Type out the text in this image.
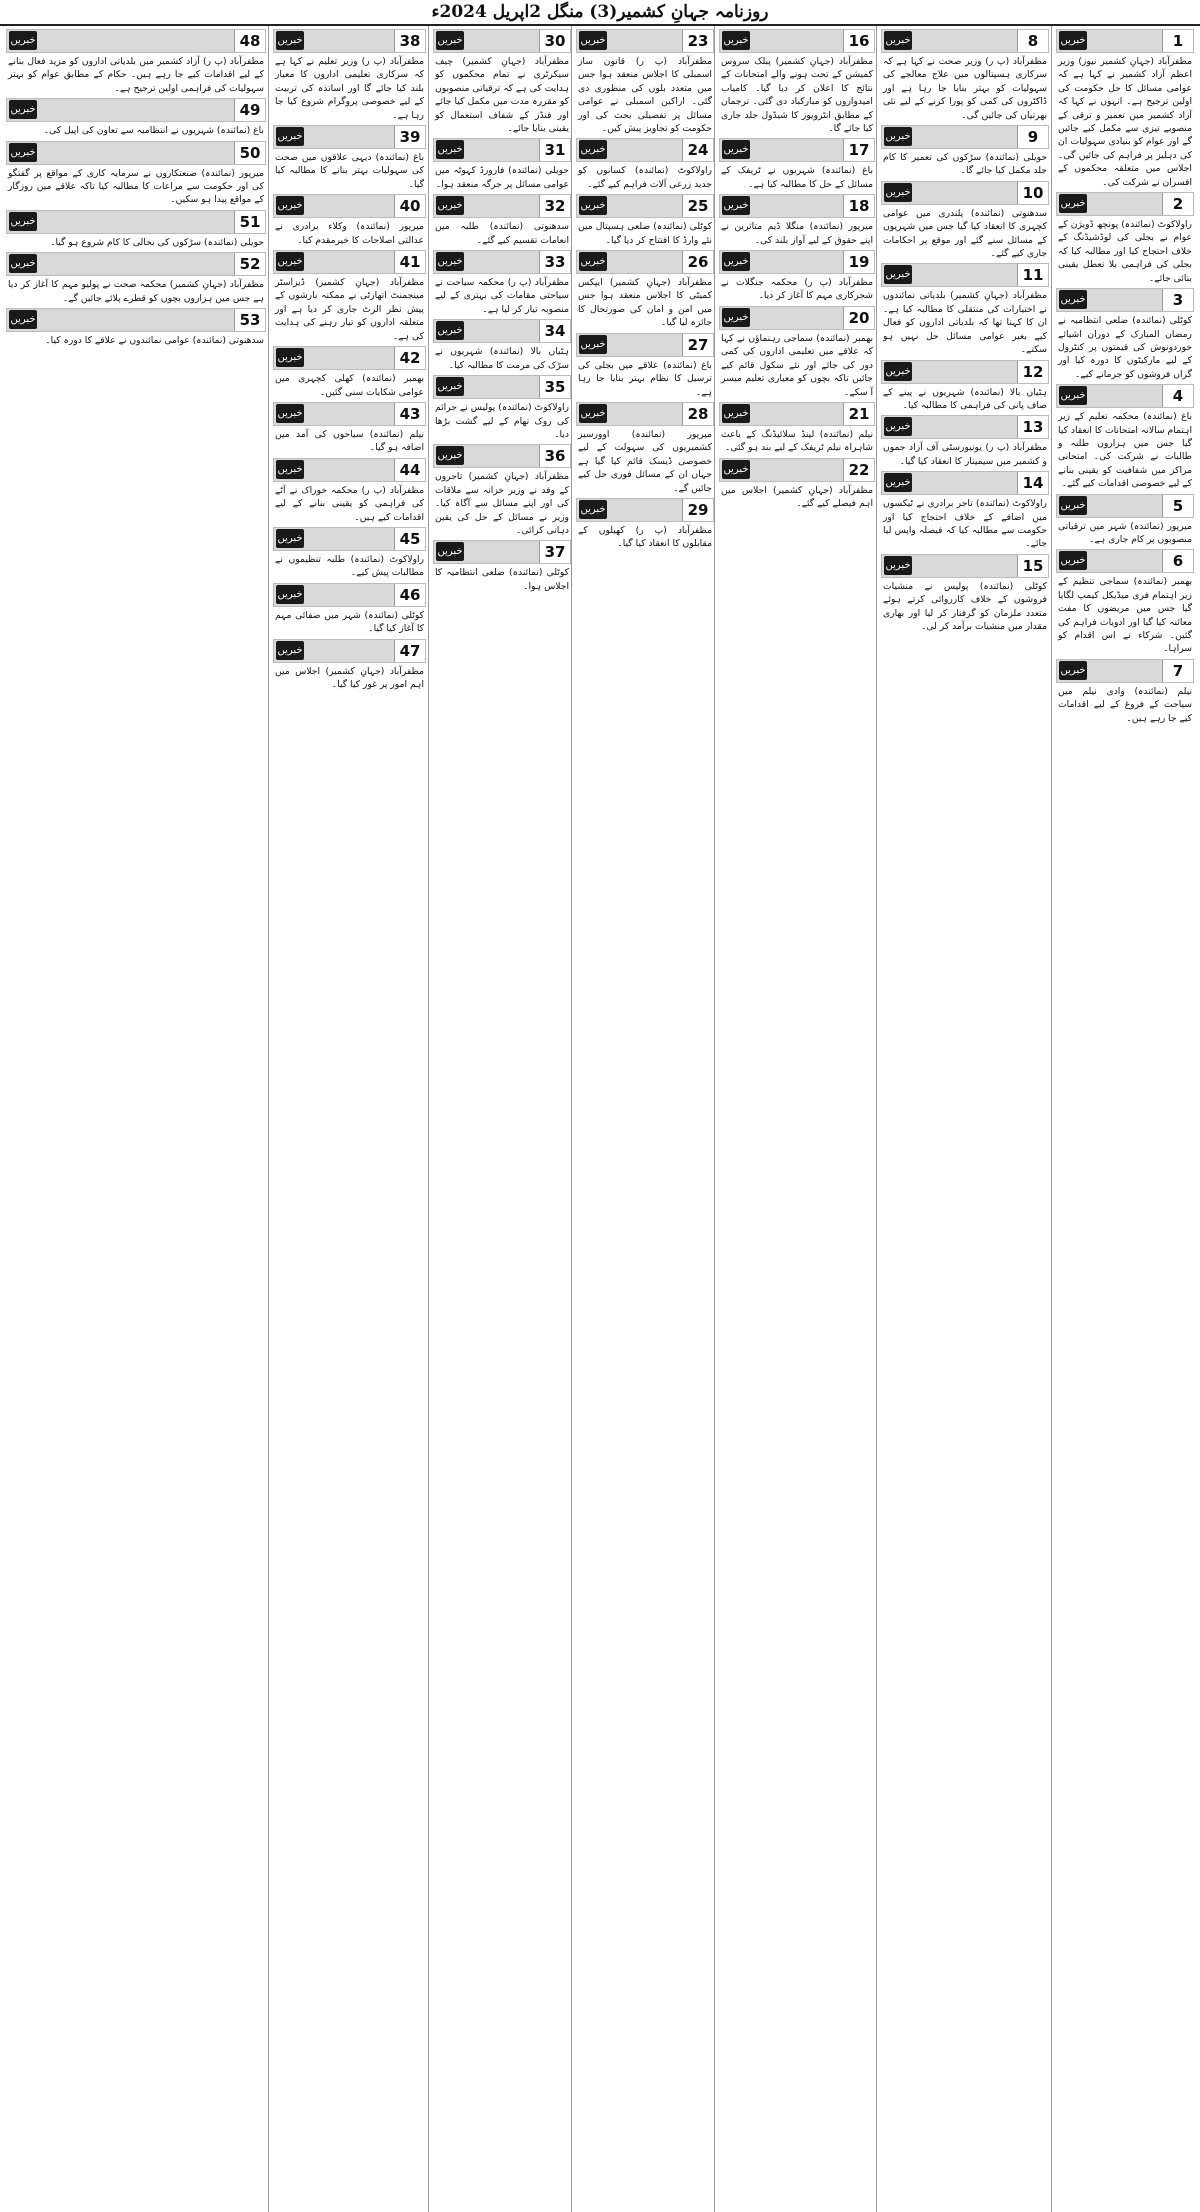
روزنامہ جہانِ کشمیر(3) منگل 2اپریل 2024ء
1
خبریں
مظفرآباد (جہانِ کشمیر نیوز) وزیر اعظم آزاد کشمیر نے کہا ہے کہ عوامی مسائل کا حل حکومت کی اولین ترجیح ہے۔ انہوں نے کہا کہ آزاد کشمیر میں تعمیر و ترقی کے منصوبے تیزی سے مکمل کیے جائیں گے اور عوام کو بنیادی سہولیات ان کی دہلیز پر فراہم کی جائیں گی۔ اجلاس میں متعلقہ محکموں کے افسران نے شرکت کی۔
2
خبریں
راولاکوٹ (نمائندہ) پونچھ ڈویژن کے عوام نے بجلی کی لوڈشیڈنگ کے خلاف احتجاج کیا اور مطالبہ کیا کہ بجلی کی فراہمی بلا تعطل یقینی بنائی جائے۔
3
خبریں
کوٹلی (نمائندہ) ضلعی انتظامیہ نے رمضان المبارک کے دوران اشیائے خوردونوش کی قیمتوں پر کنٹرول کے لیے مارکیٹوں کا دورہ کیا اور گراں فروشوں کو جرمانے کیے۔
4
خبریں
باغ (نمائندہ) محکمہ تعلیم کے زیر اہتمام سالانہ امتحانات کا انعقاد کیا گیا جس میں ہزاروں طلبہ و طالبات نے شرکت کی۔ امتحانی مراکز میں شفافیت کو یقینی بنانے کے لیے خصوصی اقدامات کیے گئے۔
5
خبریں
میرپور (نمائندہ) شہر میں ترقیاتی منصوبوں پر کام جاری ہے۔
6
خبریں
بھمبر (نمائندہ) سماجی تنظیم کے زیر اہتمام فری میڈیکل کیمپ لگایا گیا جس میں مریضوں کا مفت معائنہ کیا گیا اور ادویات فراہم کی گئیں۔ شرکاء نے اس اقدام کو سراہا۔
7
خبریں
نیلم (نمائندہ) وادی نیلم میں سیاحت کے فروغ کے لیے اقدامات کیے جا رہے ہیں۔
8
خبریں
مظفرآباد (پ ر) وزیر صحت نے کہا ہے کہ سرکاری ہسپتالوں میں علاج معالجے کی سہولیات کو بہتر بنایا جا رہا ہے اور ڈاکٹروں کی کمی کو پورا کرنے کے لیے نئی بھرتیاں کی جائیں گی۔
9
خبریں
حویلی (نمائندہ) سڑکوں کی تعمیر کا کام جلد مکمل کیا جائے گا۔
10
خبریں
سدھنوتی (نمائندہ) پلندری میں عوامی کچہری کا انعقاد کیا گیا جس میں شہریوں کے مسائل سنے گئے اور موقع پر احکامات جاری کیے گئے۔
11
خبریں
مظفرآباد (جہانِ کشمیر) بلدیاتی نمائندوں نے اختیارات کی منتقلی کا مطالبہ کیا ہے۔ ان کا کہنا تھا کہ بلدیاتی اداروں کو فعال کیے بغیر عوامی مسائل حل نہیں ہو سکتے۔
12
خبریں
ہٹیاں بالا (نمائندہ) شہریوں نے پینے کے صاف پانی کی فراہمی کا مطالبہ کیا۔
13
خبریں
مظفرآباد (پ ر) یونیورسٹی آف آزاد جموں و کشمیر میں سیمینار کا انعقاد کیا گیا۔
14
خبریں
راولاکوٹ (نمائندہ) تاجر برادری نے ٹیکسوں میں اضافے کے خلاف احتجاج کیا اور حکومت سے مطالبہ کیا کہ فیصلہ واپس لیا جائے۔
15
خبریں
کوٹلی (نمائندہ) پولیس نے منشیات فروشوں کے خلاف کارروائی کرتے ہوئے متعدد ملزمان کو گرفتار کر لیا اور بھاری مقدار میں منشیات برآمد کر لی۔
16
خبریں
مظفرآباد (جہانِ کشمیر) پبلک سروس کمیشن کے تحت ہونے والے امتحانات کے نتائج کا اعلان کر دیا گیا۔ کامیاب امیدواروں کو مبارکباد دی گئی۔ ترجمان کے مطابق انٹرویوز کا شیڈول جلد جاری کیا جائے گا۔
17
خبریں
باغ (نمائندہ) شہریوں نے ٹریفک کے مسائل کے حل کا مطالبہ کیا ہے۔
18
خبریں
میرپور (نمائندہ) منگلا ڈیم متاثرین نے اپنے حقوق کے لیے آواز بلند کی۔
19
خبریں
مظفرآباد (پ ر) محکمہ جنگلات نے شجرکاری مہم کا آغاز کر دیا۔
20
خبریں
بھمبر (نمائندہ) سماجی رہنماؤں نے کہا کہ علاقے میں تعلیمی اداروں کی کمی دور کی جائے اور نئے سکول قائم کیے جائیں تاکہ بچوں کو معیاری تعلیم میسر آ سکے۔
21
خبریں
نیلم (نمائندہ) لینڈ سلائیڈنگ کے باعث شاہراہ نیلم ٹریفک کے لیے بند ہو گئی۔
22
خبریں
مظفرآباد (جہانِ کشمیر) اجلاس میں اہم فیصلے کیے گئے۔
23
خبریں
مظفرآباد (پ ر) قانون ساز اسمبلی کا اجلاس منعقد ہوا جس میں متعدد بلوں کی منظوری دی گئی۔ اراکین اسمبلی نے عوامی مسائل پر تفصیلی بحث کی اور حکومت کو تجاویز پیش کیں۔
24
خبریں
راولاکوٹ (نمائندہ) کسانوں کو جدید زرعی آلات فراہم کیے گئے۔
25
خبریں
کوٹلی (نمائندہ) ضلعی ہسپتال میں نئے وارڈ کا افتتاح کر دیا گیا۔
26
خبریں
مظفرآباد (جہانِ کشمیر) ایپکس کمیٹی کا اجلاس منعقد ہوا جس میں امن و امان کی صورتحال کا جائزہ لیا گیا۔
27
خبریں
باغ (نمائندہ) علاقے میں بجلی کی ترسیل کا نظام بہتر بنایا جا رہا ہے۔
28
خبریں
میرپور (نمائندہ) اوورسیز کشمیریوں کی سہولت کے لیے خصوصی ڈیسک قائم کیا گیا ہے جہاں ان کے مسائل فوری حل کیے جائیں گے۔
29
خبریں
مظفرآباد (پ ر) کھیلوں کے مقابلوں کا انعقاد کیا گیا۔
30
خبریں
مظفرآباد (جہانِ کشمیر) چیف سیکرٹری نے تمام محکموں کو ہدایت کی ہے کہ ترقیاتی منصوبوں کو مقررہ مدت میں مکمل کیا جائے اور فنڈز کے شفاف استعمال کو یقینی بنایا جائے۔
31
خبریں
حویلی (نمائندہ) فارورڈ کہوٹہ میں عوامی مسائل پر جرگہ منعقد ہوا۔
32
خبریں
سدھنوتی (نمائندہ) طلبہ میں انعامات تقسیم کیے گئے۔
33
خبریں
مظفرآباد (پ ر) محکمہ سیاحت نے سیاحتی مقامات کی بہتری کے لیے منصوبہ تیار کر لیا ہے۔
34
خبریں
ہٹیاں بالا (نمائندہ) شہریوں نے سڑک کی مرمت کا مطالبہ کیا۔
35
خبریں
راولاکوٹ (نمائندہ) پولیس نے جرائم کی روک تھام کے لیے گشت بڑھا دیا۔
36
خبریں
مظفرآباد (جہانِ کشمیر) تاجروں کے وفد نے وزیر خزانہ سے ملاقات کی اور اپنے مسائل سے آگاہ کیا۔ وزیر نے مسائل کے حل کی یقین دہانی کرائی۔
37
خبریں
کوٹلی (نمائندہ) ضلعی انتظامیہ کا اجلاس ہوا۔
38
خبریں
مظفرآباد (پ ر) وزیر تعلیم نے کہا ہے کہ سرکاری تعلیمی اداروں کا معیار بلند کیا جائے گا اور اساتذہ کی تربیت کے لیے خصوصی پروگرام شروع کیا جا رہا ہے۔
39
خبریں
باغ (نمائندہ) دیہی علاقوں میں صحت کی سہولیات بہتر بنانے کا مطالبہ کیا گیا۔
40
خبریں
میرپور (نمائندہ) وکلاء برادری نے عدالتی اصلاحات کا خیرمقدم کیا۔
41
خبریں
مظفرآباد (جہانِ کشمیر) ڈیزاسٹر مینجمنٹ اتھارٹی نے ممکنہ بارشوں کے پیش نظر الرٹ جاری کر دیا ہے اور متعلقہ اداروں کو تیار رہنے کی ہدایت کی ہے۔
42
خبریں
بھمبر (نمائندہ) کھلی کچہری میں عوامی شکایات سنی گئیں۔
43
خبریں
نیلم (نمائندہ) سیاحوں کی آمد میں اضافہ ہو گیا۔
44
خبریں
مظفرآباد (پ ر) محکمہ خوراک نے آٹے کی فراہمی کو یقینی بنانے کے لیے اقدامات کیے ہیں۔
45
خبریں
راولاکوٹ (نمائندہ) طلبہ تنظیموں نے مطالبات پیش کیے۔
46
خبریں
کوٹلی (نمائندہ) شہر میں صفائی مہم کا آغاز کیا گیا۔
47
خبریں
مظفرآباد (جہانِ کشمیر) اجلاس میں اہم امور پر غور کیا گیا۔
48
خبریں
مظفرآباد (پ ر) آزاد کشمیر میں بلدیاتی اداروں کو مزید فعال بنانے کے لیے اقدامات کیے جا رہے ہیں۔ حکام کے مطابق عوام کو بہتر سہولیات کی فراہمی اولین ترجیح ہے۔
49
خبریں
باغ (نمائندہ) شہریوں نے انتظامیہ سے تعاون کی اپیل کی۔
50
خبریں
میرپور (نمائندہ) صنعتکاروں نے سرمایہ کاری کے مواقع پر گفتگو کی اور حکومت سے مراعات کا مطالبہ کیا تاکہ علاقے میں روزگار کے مواقع پیدا ہو سکیں۔
51
خبریں
حویلی (نمائندہ) سڑکوں کی بحالی کا کام شروع ہو گیا۔
52
خبریں
مظفرآباد (جہانِ کشمیر) محکمہ صحت نے پولیو مہم کا آغاز کر دیا ہے جس میں ہزاروں بچوں کو قطرے پلائے جائیں گے۔
53
خبریں
سدھنوتی (نمائندہ) عوامی نمائندوں نے علاقے کا دورہ کیا۔
